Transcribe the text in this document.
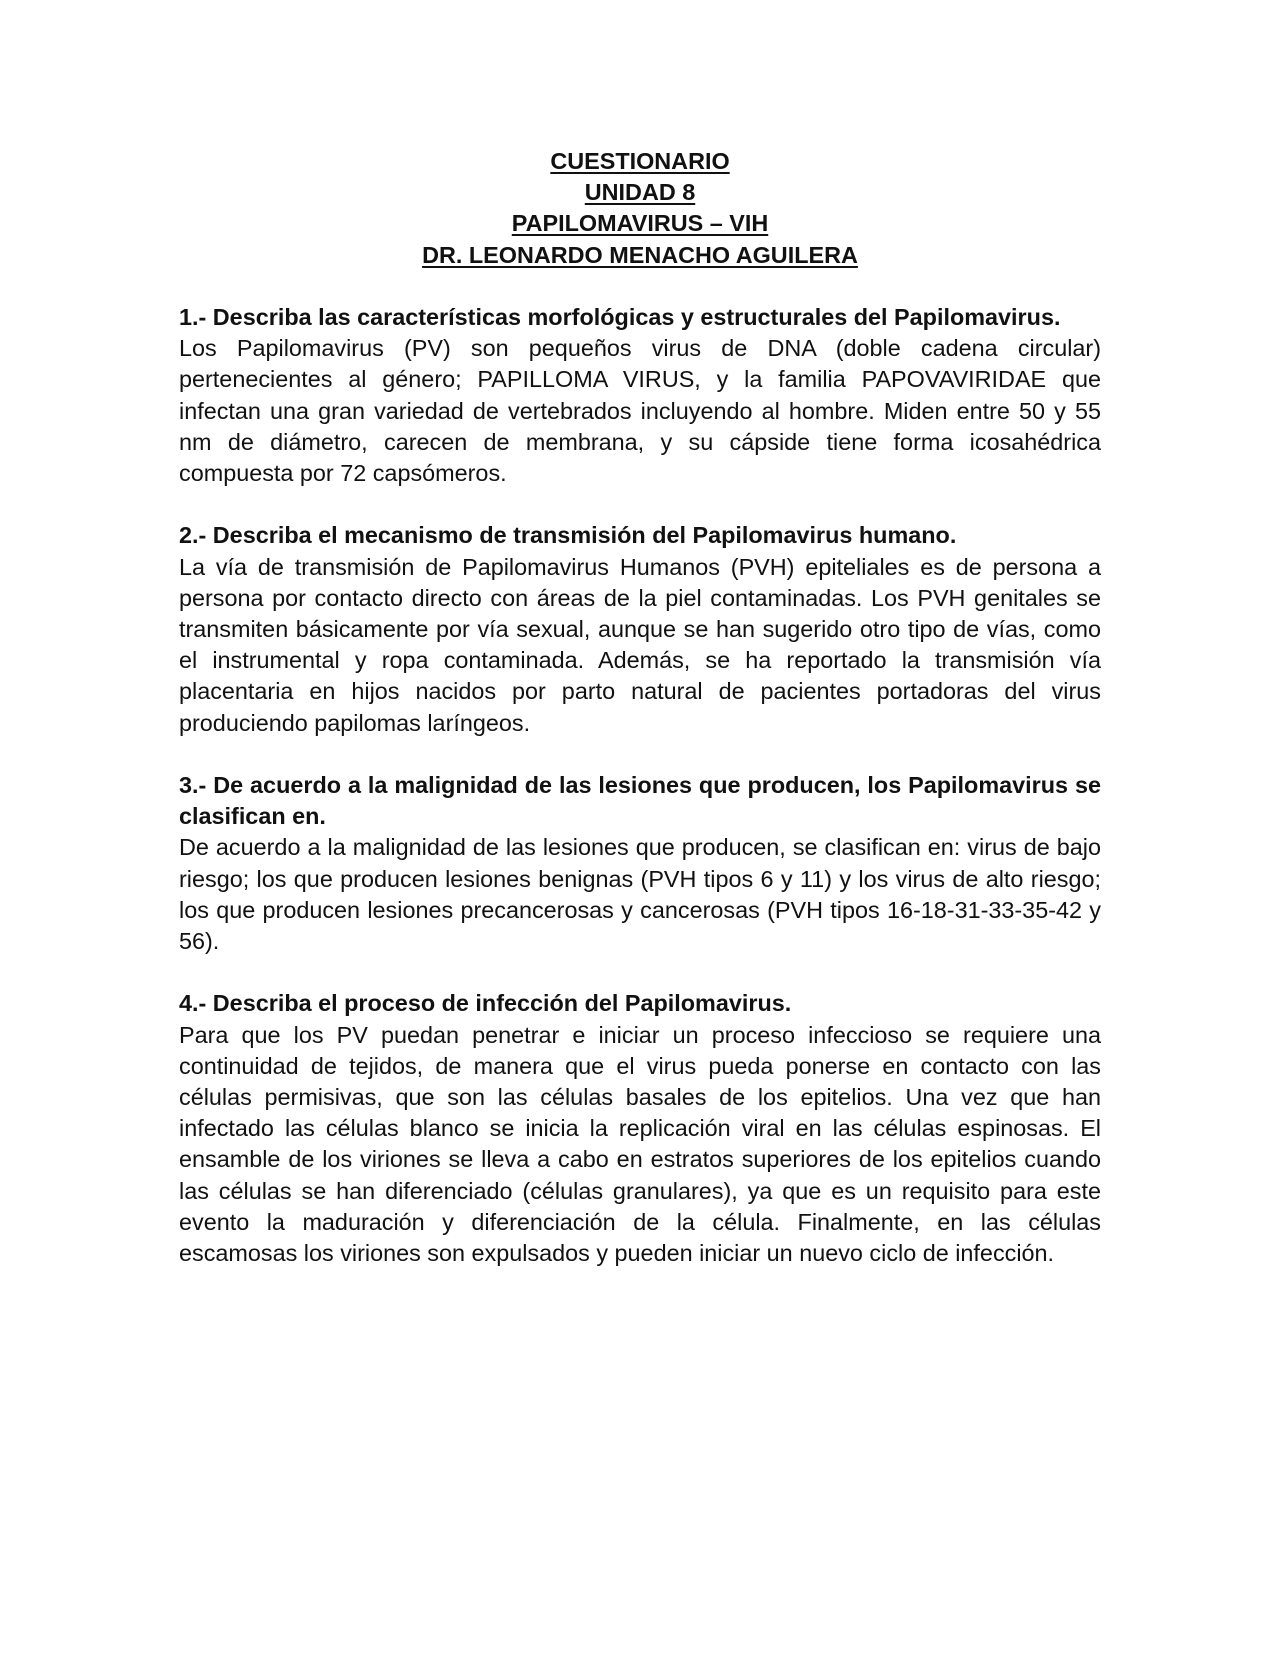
CUESTIONARIO
UNIDAD 8
PAPILOMAVIRUS – VIH
DR. LEONARDO MENACHO AGUILERA
1.- Describa las características morfológicas y estructurales del Papilomavirus.
Los Papilomavirus (PV) son pequeños virus de DNA (doble cadena circular) pertenecientes al género; PAPILLOMA VIRUS, y la familia PAPOVAVIRIDAE que infectan una gran variedad de vertebrados incluyendo al hombre. Miden entre 50 y 55 nm de diámetro, carecen de membrana, y su cápside tiene forma icosahédrica compuesta por 72 capsómeros.
2.- Describa el mecanismo de transmisión del Papilomavirus humano.
La vía de transmisión de Papilomavirus Humanos (PVH) epiteliales es de persona a persona por contacto directo con áreas de la piel contaminadas. Los PVH genitales se transmiten básicamente por vía sexual, aunque se han sugerido otro tipo de vías, como el instrumental y ropa contaminada. Además, se ha reportado la transmisión vía placentaria en hijos nacidos por parto natural de pacientes portadoras del virus produciendo papilomas laríngeos.
3.- De acuerdo a la malignidad de las lesiones que producen, los Papilomavirus se clasifican en.
De acuerdo a la malignidad de las lesiones que producen, se clasifican en: virus de bajo riesgo; los que producen lesiones benignas (PVH tipos 6 y 11) y los virus de alto riesgo; los que producen lesiones precancerosas y cancerosas (PVH tipos 16-18-31-33-35-42 y 56).
4.- Describa el proceso de infección del Papilomavirus.
Para que los PV puedan penetrar e iniciar un proceso infeccioso se requiere una continuidad de tejidos, de manera que el virus pueda ponerse en contacto con las células permisivas, que son las células basales de los epitelios. Una vez que han infectado las células blanco se inicia la replicación viral en las células espinosas. El ensamble de los viriones se lleva a cabo en estratos superiores de los epitelios cuando las células se han diferenciado (células granulares), ya que es un requisito para este evento la maduración y diferenciación de la célula. Finalmente, en las células escamosas los viriones son expulsados y pueden iniciar un nuevo ciclo de infección.
